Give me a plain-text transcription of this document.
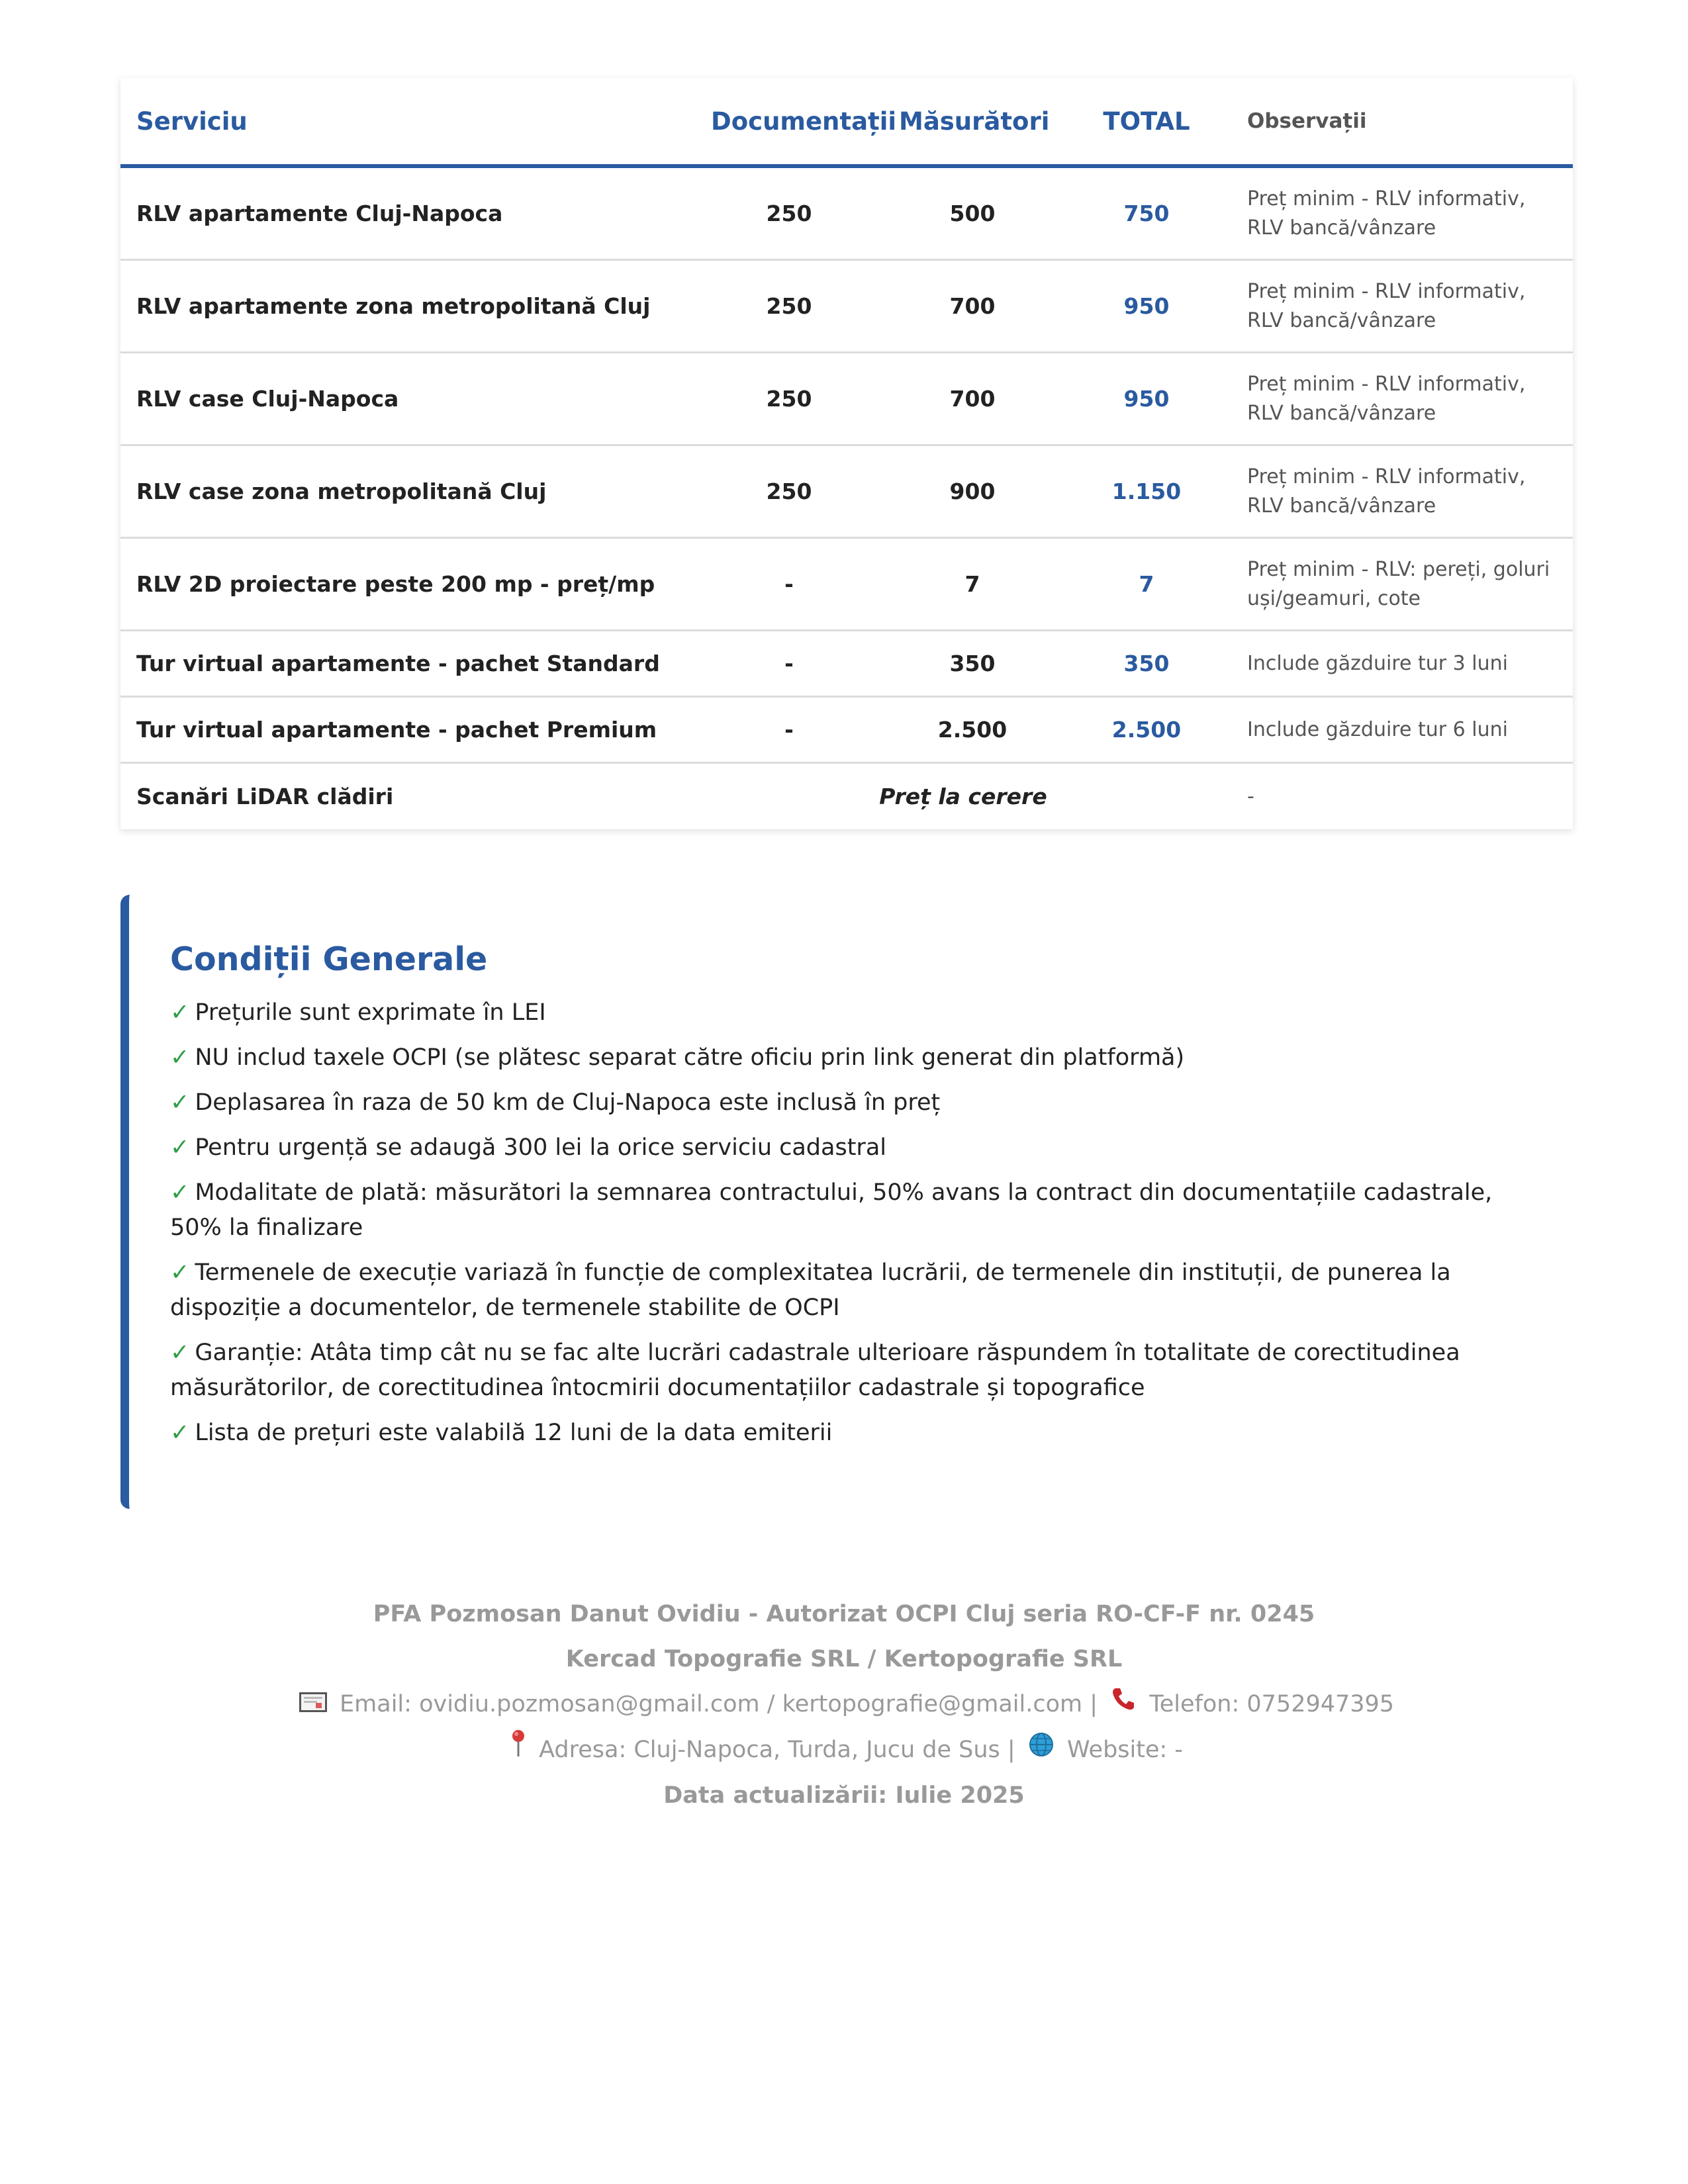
Serviciu	Documentații	Măsurători	TOTAL	Observații
RLV apartamente Cluj-Napoca	250	500	750	Preț minim - RLV informativ, RLV bancă/vânzare
RLV apartamente zona metropolitană Cluj	250	700	950	Preț minim - RLV informativ, RLV bancă/vânzare
RLV case Cluj-Napoca	250	700	950	Preț minim - RLV informativ, RLV bancă/vânzare
RLV case zona metropolitană Cluj	250	900	1.150	Preț minim - RLV informativ, RLV bancă/vânzare
RLV 2D proiectare peste 200 mp - preț/mp	-	7	7	Preț minim - RLV: pereți, goluri uși/geamuri, cote
Tur virtual apartamente - pachet Standard	-	350	350	Include găzduire tur 3 luni
Tur virtual apartamente - pachet Premium	-	2.500	2.500	Include găzduire tur 6 luni
Scanări LiDAR clădiri	Preț la cerere			-
Condiții Generale
✓ Prețurile sunt exprimate în LEI
✓ NU includ taxele OCPI (se plătesc separat către oficiu prin link generat din platformă)
✓ Deplasarea în raza de 50 km de Cluj-Napoca este inclusă în preț
✓ Pentru urgență se adaugă 300 lei la orice serviciu cadastral
✓ Modalitate de plată: măsurători la semnarea contractului, 50% avans la contract din documentațiile cadastrale, 50% la finalizare
✓ Termenele de execuție variază în funcție de complexitatea lucrării, de termenele din instituții, de punerea la dispoziție a documentelor, de termenele stabilite de OCPI
✓ Garanție: Atâta timp cât nu se fac alte lucrări cadastrale ulterioare răspundem în totalitate de corectitudinea măsurătorilor, de corectitudinea întocmirii documentațiilor cadastrale și topografice
✓ Lista de prețuri este valabilă 12 luni de la data emiterii
PFA Pozmosan Danut Ovidiu - Autorizat OCPI Cluj seria RO-CF-F nr. 0245
Kercad Topografie SRL / Kertopografie SRL
Email: ovidiu.pozmosan@gmail.com / kertopografie@gmail.com | Telefon: 0752947395
Adresa: Cluj-Napoca, Turda, Jucu de Sus | Website: -
Data actualizării: Iulie 2025
